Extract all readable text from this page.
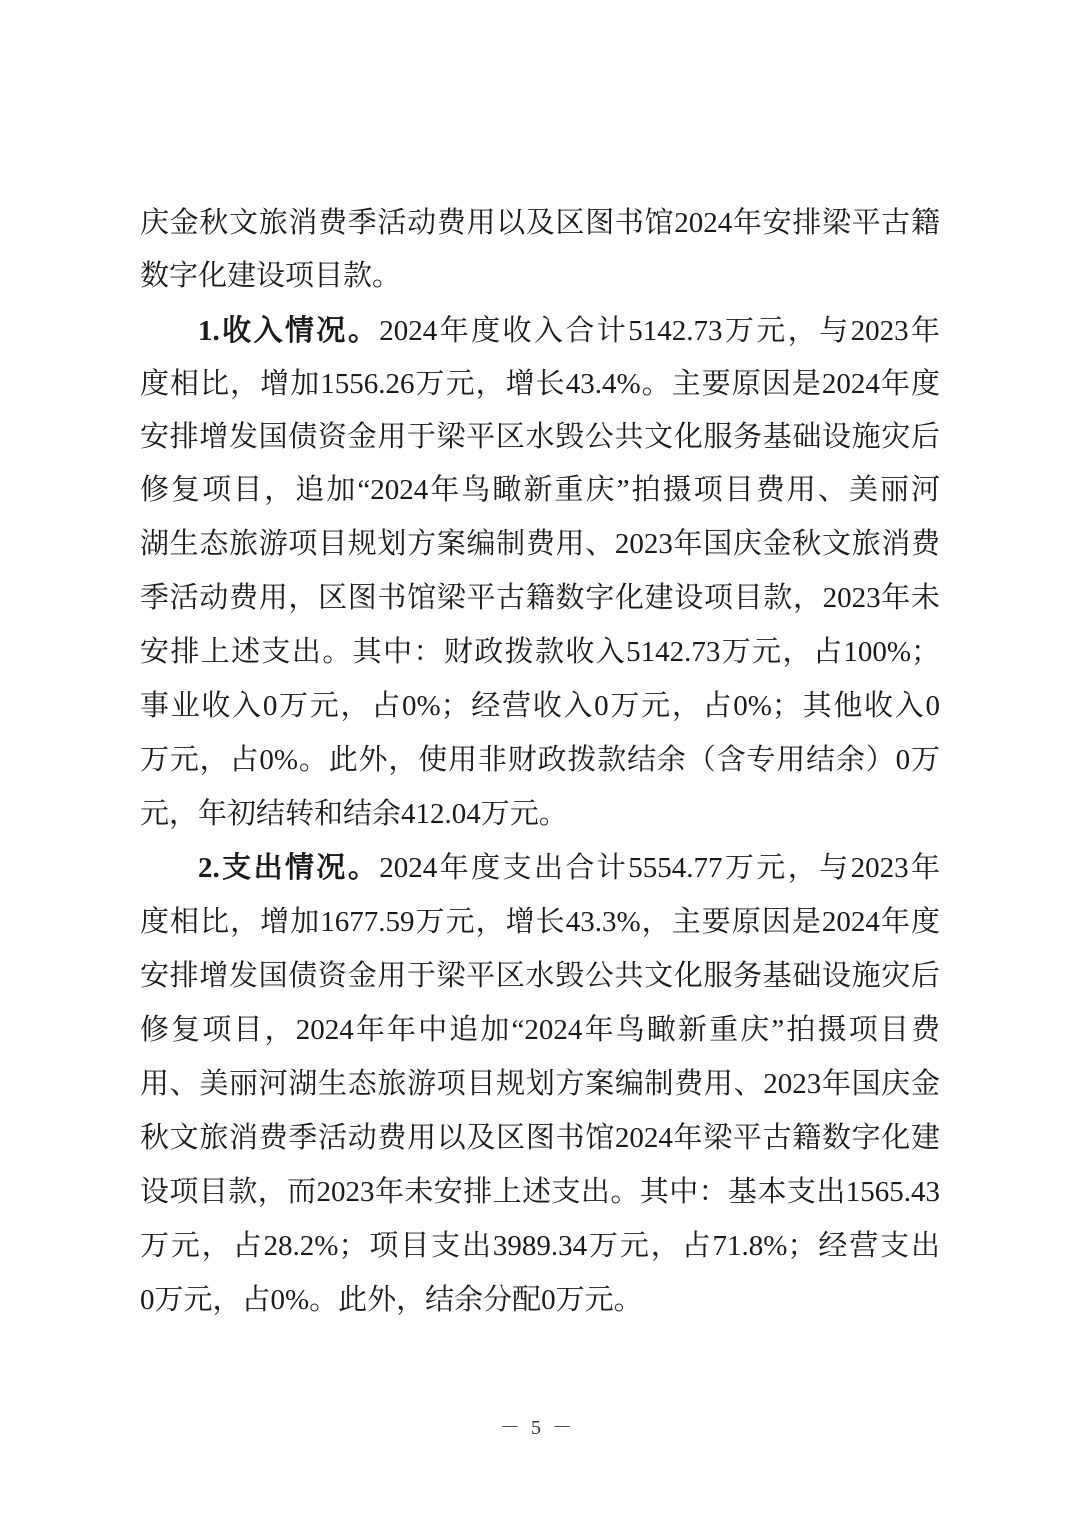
庆金秋文旅消费季活动费用以及区图书馆2024年安排梁平古籍
数字化建设项目款。
1.收入情况。2024年度收入合计5142.73万元，与2023年
度相比，增加1556.26万元，增长43.4%。主要原因是2024年度
安排增发国债资金用于梁平区水毁公共文化服务基础设施灾后
修复项目，追加“2024年鸟瞰新重庆”拍摄项目费用、美丽河
湖生态旅游项目规划方案编制费用、2023年国庆金秋文旅消费
季活动费用，区图书馆梁平古籍数字化建设项目款，2023年未
安排上述支出。其中：财政拨款收入5142.73万元，占100%；
事业收入0万元，占0%；经营收入0万元，占0%；其他收入0
万元，占0%。此外，使用非财政拨款结余（含专用结余）0万
元，年初结转和结余412.04万元。
2.支出情况。2024年度支出合计5554.77万元，与2023年
度相比，增加1677.59万元，增长43.3%，主要原因是2024年度
安排增发国债资金用于梁平区水毁公共文化服务基础设施灾后
修复项目，2024年年中追加“2024年鸟瞰新重庆”拍摄项目费
用、美丽河湖生态旅游项目规划方案编制费用、2023年国庆金
秋文旅消费季活动费用以及区图书馆2024年梁平古籍数字化建
设项目款，而2023年未安排上述支出。其中：基本支出1565.43
万元，占28.2%；项目支出3989.34万元，占71.8%；经营支出
0万元，占0%。此外，结余分配0万元。
－ 5 －
